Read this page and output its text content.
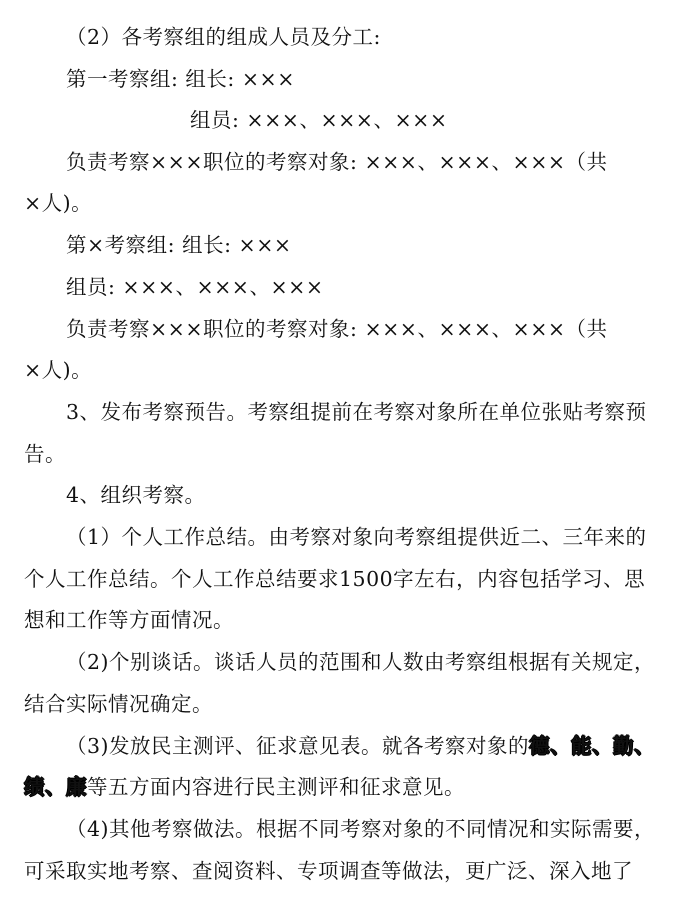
（2）各考察组的组成人员及分工:
第一考察组: 组长: ×××
组员: ×××、×××、×××
负责考察×××职位的考察对象: ×××、×××、×××（共
×人)。
第×考察组: 组长: ×××
组员: ×××、×××、×××
负责考察×××职位的考察对象: ×××、×××、×××（共
×人)。
3、发布考察预告。考察组提前在考察对象所在单位张贴考察预
告。
4、组织考察。
（1）个人工作总结。由考察对象向考察组提供近二、三年来的
个人工作总结。个人工作总结要求1500字左右，内容包括学习、思
想和工作等方面情况。
（2)个别谈话。谈话人员的范围和人数由考察组根据有关规定，
结合实际情况确定。
（3)发放民主测评、征求意见表。就各考察对象的德、能、勤、
绩、廉等五方面内容进行民主测评和征求意见。
（4)其他考察做法。根据不同考察对象的不同情况和实际需要，
可采取实地考察、查阅资料、专项调查等做法，更广泛、深入地了
